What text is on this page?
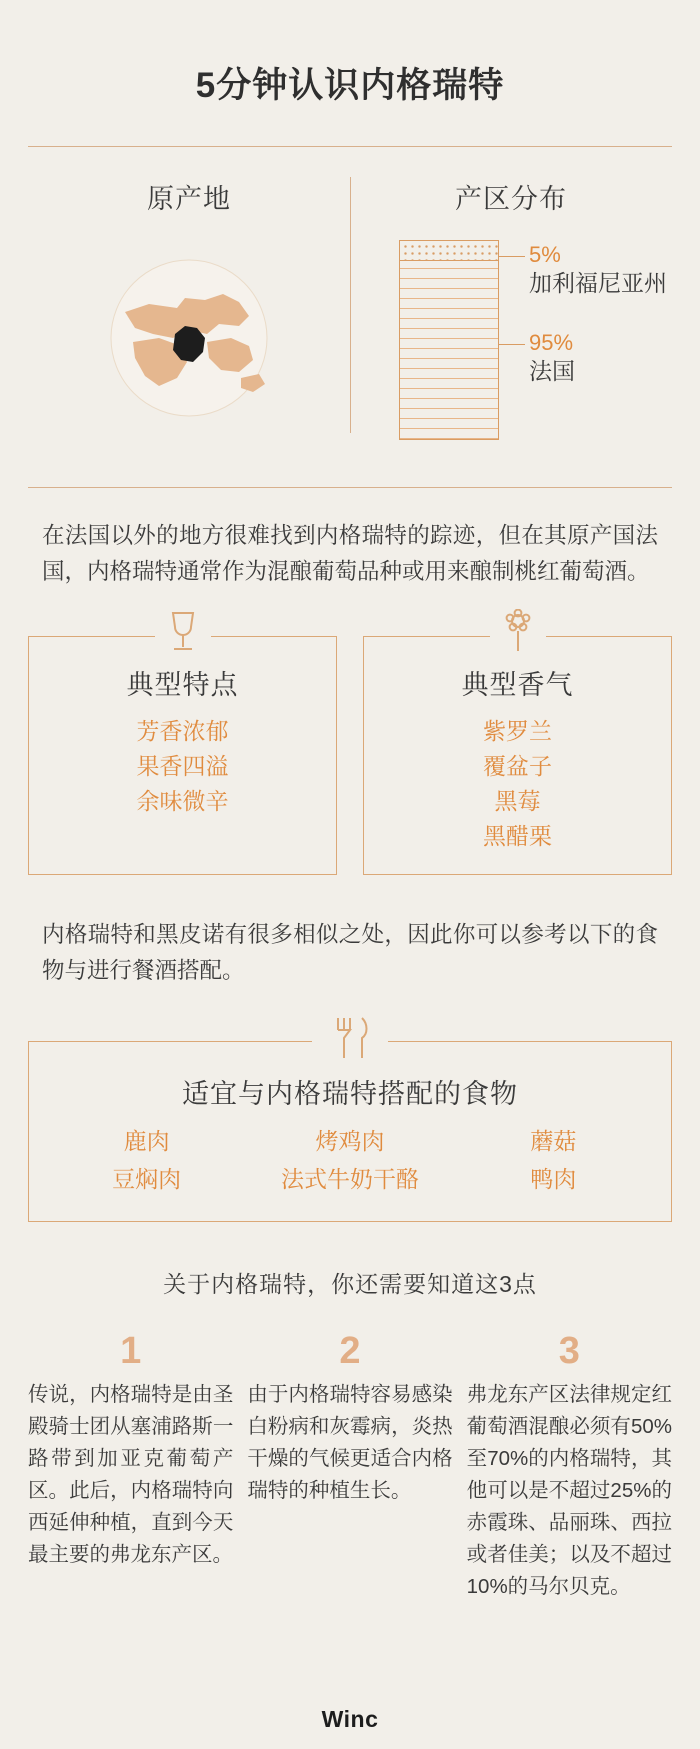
5分钟认识内格瑞特
原产地	产区分布
5%
加利福尼亚州
95%
法国
在法国以外的地方很难找到内格瑞特的踪迹，但在其原产国法国，内格瑞特通常作为混酿葡萄品种或用来酿制桃红葡萄酒。
典型特点
芳香浓郁
果香四溢
余味微辛
典型香气
紫罗兰
覆盆子
黑莓
黑醋栗
内格瑞特和黑皮诺有很多相似之处，因此你可以参考以下的食物与进行餐酒搭配。
适宜与内格瑞特搭配的食物
鹿肉	烤鸡肉	蘑菇
豆焖肉	法式牛奶干酪	鸭肉
关于内格瑞特，你还需要知道这3点
1
传说，内格瑞特是由圣殿骑士团从塞浦路斯一路带到加亚克葡萄产区。此后，内格瑞特向西延伸种植，直到今天最主要的弗龙东产区。
2
由于内格瑞特容易感染白粉病和灰霉病，炎热干燥的气候更适合内格瑞特的种植生长。
3
弗龙东产区法律规定红葡萄酒混酿必须有50%至70%的内格瑞特，其他可以是不超过25%的赤霞珠、品丽珠、西拉或者佳美；以及不超过10%的马尔贝克。
Winc
